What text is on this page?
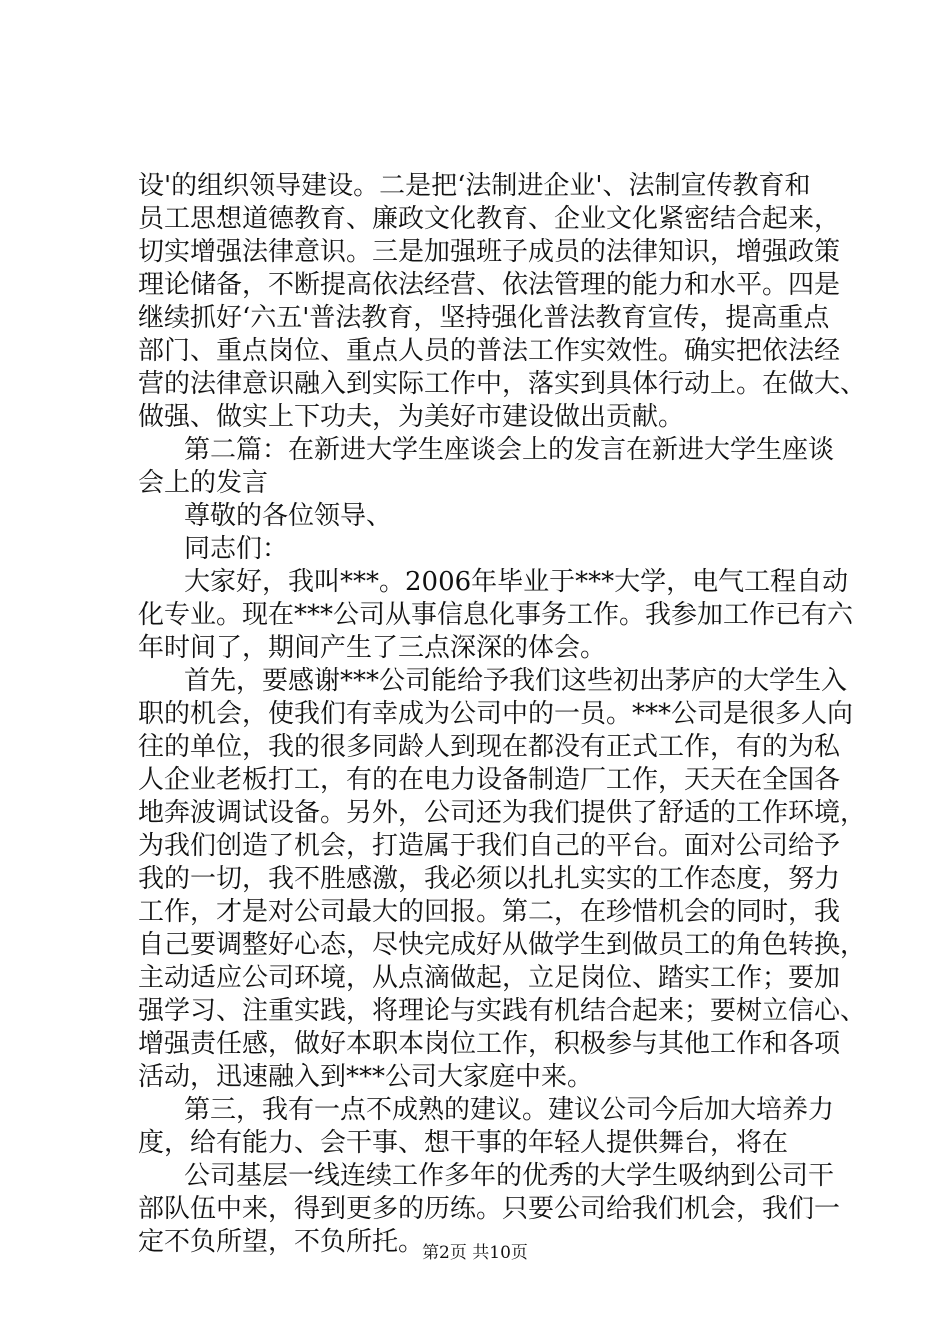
设'的组织领导建设。二是把‘法制进企业'、法制宣传教育和
员工思想道德教育、廉政文化教育、企业文化紧密结合起来，
切实增强法律意识。三是加强班子成员的法律知识，增强政策
理论储备，不断提高依法经营、依法管理的能力和水平。四是
继续抓好‘六五'普法教育，坚持强化普法教育宣传，提高重点
部门、重点岗位、重点人员的普法工作实效性。确实把依法经
营的法律意识融入到实际工作中，落实到具体行动上。在做大、
做强、做实上下功夫，为美好市建设做出贡献。
第二篇：在新进大学生座谈会上的发言在新进大学生座谈
会上的发言
尊敬的各位领导、
同志们：
大家好，我叫***。2006年毕业于***大学，电气工程自动
化专业。现在***公司从事信息化事务工作。我参加工作已有六
年时间了，期间产生了三点深深的体会。
首先，要感谢***公司能给予我们这些初出茅庐的大学生入
职的机会，使我们有幸成为公司中的一员。***公司是很多人向
往的单位，我的很多同龄人到现在都没有正式工作，有的为私
人企业老板打工，有的在电力设备制造厂工作，天天在全国各
地奔波调试设备。另外，公司还为我们提供了舒适的工作环境，
为我们创造了机会，打造属于我们自己的平台。面对公司给予
我的一切，我不胜感激，我必须以扎扎实实的工作态度，努力
工作，才是对公司最大的回报。第二，在珍惜机会的同时，我
自己要调整好心态，尽快完成好从做学生到做员工的角色转换，
主动适应公司环境，从点滴做起，立足岗位、踏实工作；要加
强学习、注重实践，将理论与实践有机结合起来；要树立信心、
增强责任感，做好本职本岗位工作，积极参与其他工作和各项
活动，迅速融入到***公司大家庭中来。
第三，我有一点不成熟的建议。建议公司今后加大培养力
度，给有能力、会干事、想干事的年轻人提供舞台，将在
公司基层一线连续工作多年的优秀的大学生吸纳到公司干
部队伍中来，得到更多的历练。只要公司给我们机会，我们一
定不负所望，不负所托。
第2页 共10页
